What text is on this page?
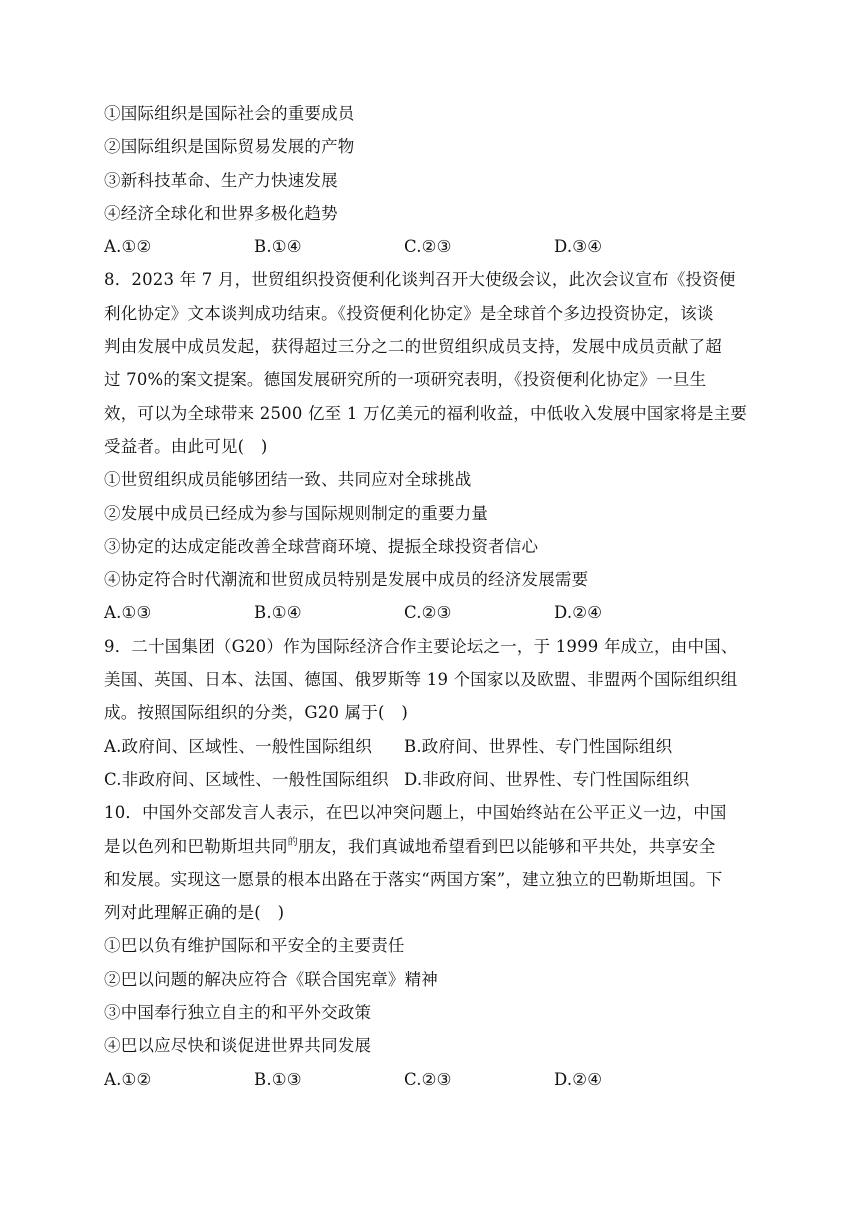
①国际组织是国际社会的重要成员
②国际组织是国际贸易发展的产物
③新科技革命、生产力快速发展
④经济全球化和世界多极化趋势
A.①②	B.①④	C.②③	D.③④
8．2023 年 7 月，世贸组织投资便利化谈判召开大使级会议，此次会议宣布《投资便
利化协定》文本谈判成功结束。《投资便利化协定》是全球首个多边投资协定，该谈
判由发展中成员发起，获得超过三分之二的世贸组织成员支持，发展中成员贡献了超
过 70%的案文提案。德国发展研究所的一项研究表明，《投资便利化协定》一旦生
效，可以为全球带来 2500 亿至 1 万亿美元的福利收益，中低收入发展中国家将是主要
受益者。由此可见(　)
①世贸组织成员能够团结一致、共同应对全球挑战
②发展中成员已经成为参与国际规则制定的重要力量
③协定的达成定能改善全球营商环境、提振全球投资者信心
④协定符合时代潮流和世贸成员特别是发展中成员的经济发展需要
A.①③	B.①④	C.②③	D.②④
9．二十国集团（G20）作为国际经济合作主要论坛之一，于 1999 年成立，由中国、
美国、英国、日本、法国、德国、俄罗斯等 19 个国家以及欧盟、非盟两个国际组织组
成。按照国际组织的分类，G20 属于(　)
A.政府间、区域性、一般性国际组织	B.政府间、世界性、专门性国际组织
C.非政府间、区域性、一般性国际组织 D.非政府间、世界性、专门性国际组织
10．中国外交部发言人表示，在巴以冲突问题上，中国始终站在公平正义一边，中国
是以色列和巴勒斯坦共同$^的$朋友，我们真诚地希望看到巴以能够和平共处，共享安全
和发展。实现这一愿景的根本出路在于落实“两国方案”，建立独立的巴勒斯坦国。下
列对此理解正确的是(　)
①巴以负有维护国际和平安全的主要责任
②巴以问题的解决应符合《联合国宪章》精神
③中国奉行独立自主的和平外交政策
④巴以应尽快和谈促进世界共同发展
A.①②	B.①③	C.②③	D.②④
